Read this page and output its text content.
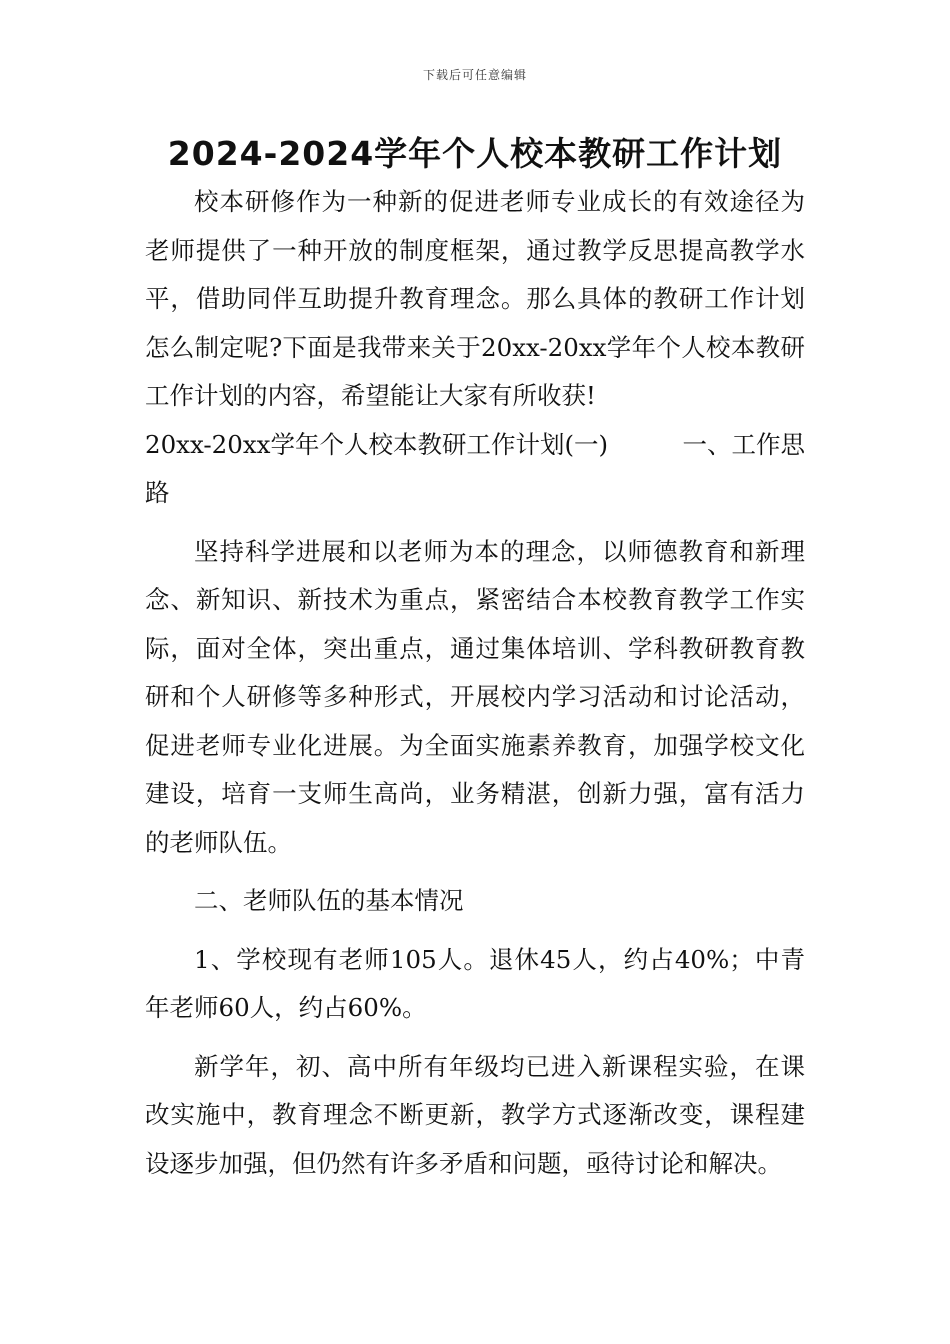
下载后可任意编辑
2024-2024学年个人校本教研工作计划

校本研修作为一种新的促进老师专业成长的有效途径为老师提供了一种开放的制度框架，通过教学反思提高教学水平，借助同伴互助提升教育理念。那么具体的教研工作计划怎么制定呢?下面是我带来关于20xx-20xx学年个人校本教研工作计划的内容，希望能让大家有所收获!

20xx-20xx学年个人校本教研工作计划(一)	一、工作思

路

坚持科学进展和以老师为本的理念，以师德教育和新理念、新知识、新技术为重点，紧密结合本校教育教学工作实际，面对全体，突出重点，通过集体培训、学科教研教育教研和个人研修等多种形式，开展校内学习活动和讨论活动，促进老师专业化进展。为全面实施素养教育，加强学校文化建设，培育一支师生高尚，业务精湛，创新力强，富有活力的老师队伍。

二、老师队伍的基本情况

1、学校现有老师105人。退休45人，约占40%；中青年老师60人，约占60%。

新学年，初、高中所有年级均已进入新课程实验，在课改实施中，教育理念不断更新，教学方式逐渐改变，课程建设逐步加强，但仍然有许多矛盾和问题，亟待讨论和解决。
